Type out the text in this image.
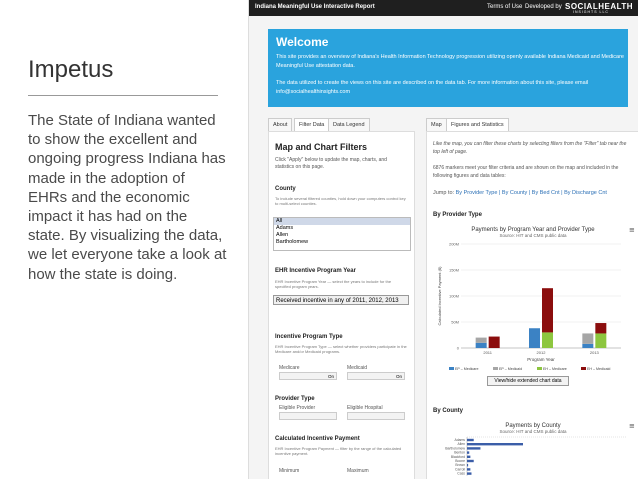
Impetus

The State of Indiana wanted to show the excellent and ongoing progress Indiana has made in the adoption of EHRs and the economic impact it has had on the state. By visualizing the data, we let everyone take a look at how the state is doing.

Indiana Meaningful Use Interactive Report	Terms of Use Developed by SOCIALHEALTH
INSIGHTS LLC
Welcome
This site provides an overview of Indiana's Health Information Technology progression utilizing openly available Indiana Medicaid and Medicare Meaningful Use attestation data.
The data utilized to create the views on this site are described on the data tab. For more information about this site, please email info@socialhealthinsights.com
About	Filter Data	Data Legend
Map and Chart Filters
Click "Apply" below to update the map, charts, and statistics on this page.
County
To include several filtered counties, hold down your computers control key to multi-select counties.
All
Adams
Allen
Bartholomew
EHR Incentive Program Year
EHR Incentive Program Year — select the years to include for the specified program years.
Received incentive in any of 2011, 2012, 2013
Incentive Program Type
EHR Incentive Program Type — select whether providers participate in the Medicare and/or Medicaid programs.
Medicare	Medicaid
On	On
Provider Type
Eligible Provider	Eligible Hospital
Calculated Incentive Payment
EHR Incentive Program Payment — filter by the range of the calculated incentive payment.
Minimum	Maximum
Map	Figures and Statistics
Like the map, you can filter these charts by selecting filters from the "Filter" tab near the top left of page.
6876 markers meet your filter criteria and are shown on the map and included in the following figures and data tables:
Jump to: By Provider Type | By County | By Bed Cnt | By Discharge Cnt
By Provider Type
Payments by Program Year and Provider Type
Source: HIT and CMS public data
≡
0
50M
100M
150M
200M
Calculated Incentive Payment ($)
Program Year
2011	2012	2013
EP – Medicare	EP – Medicaid	EH – Medicare	EH – Medicaid
View/hide extended chart data
By County
Payments by County
Source: HIT and CMS public data
≡
Adams
Allen
Bartholomew
Benton
Blackford
Boone
Brown
Carroll
Cass
